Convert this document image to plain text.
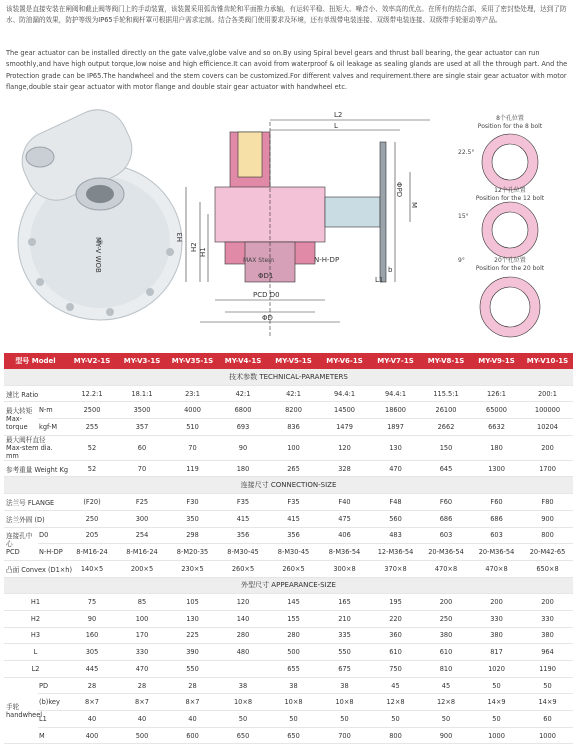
该装置是直接安装在闸阀和截止阀等阀门上的手动装置，该装置采用弧齿锥齿轮和平面推力承轴，有运转平稳、扭矩大、噪音小、效率高的优点。在所有的结合部，采用了密封垫处理，达到了防水、防油漏的效果，防护等级为IP65手轮和阀杆罩可根据用户需求定制。结合各类阀门使用要求及环境，还有单级带电装连接、双级带电装连接、双级带手轮驱动等产品。
The gear actuator can be installed directly on the gate valve,globe valve and so on.By using Spiral bevel gears and thrust ball bearing, the gear actuator can run smoothly,and have high output torque,low noise and high efficience.It can avoid from waterproof & oil leakage as sealing glands are used at all the through part. And the Protection grade can be IP65.The handwheel and the stem covers can be customized.For different valves and requirement.there are single stair gear actuator with motor flange,double stair gear actuator with motor flange and double stair gear actuator with handwheel etc.
MY-V WOB
L2
L
M
ΦPD
H3
H2
H1
MAX Stem
ΦD1
PCD D0
ΦD
N-H-DP
b
L1
8个孔位置
Position for the 8 bolt
22.5°
12个孔位置
Position for the 12 bolt
15°
20个孔位置
Position for the 20 bolt
9°
型号 Model		MY-V2-1S	MY-V3-1S	MY-V35-1S	MY-V4-1S	MY-V5-1S	MY-V6-1S	MY-V7-1S	MY-V8-1S	MY-V9-1S	MY-V10-1S
技术参数 TECHNICAL-PARAMETERS											
速比 Ratio		12.2:1	18.1:1	23:1	42:1	42:1	94.4:1	94.4:1	115.5:1	126:1	200:1

最大转矩
Max-torque	N-m	2500	3500	4000	6800	8200	14500	18600	26100	65000	100000
	kgf-M	255	357	510	693	836	1479	1897	2662	6632	10204

最大阀杆直径
Max-stem dia. mm		52	60	70	90	100	120	130	150	180	200
参考重量 Weight Kg		52	70	119	180	265	328	470	645	1300	1700
连接尺寸 CONNECTION-SIZE											
法兰号 FLANGE		(F20)	F25	F30	F35	F35	F40	F48	F60	F60	F80
法兰外圆 (D)		250	300	350	415	415	475	560	686	686	900

连接孔中心
PCD	D0	205	254	298	356	356	406	483	603	603	800
	N-H-DP	8-M16-24	8-M16-24	8-M20-35	8-M30-45	8-M30-45	8-M36-54	12-M36-54	20-M36-54	20-M36-54	20-M42-65
凸面 Convex (D1×h)		140×5	200×5	230×5	260×5	260×5	300×8	370×8	470×8	470×8	650×8
外型尺寸 APPEARANCE-SIZE											
H1		75	85	105	120	145	165	195	200	200	200
H2		90	100	130	140	155	210	220	250	330	330
H3		160	170	225	280	280	335	360	380	380	380
L		305	330	390	480	500	550	610	610	817	964
L2		445	470	550		655	675	750	810	1020	1190

手轮
handwheel	PD	28	28	28	38	38	38	45	45	50	50
	(b)key	8×7	8×7	8×7	10×8	10×8	10×8	12×8	12×8	14×9	14×9
	L1	40	40	40	50	50	50	50	50	50	60
	M	400	500	600	650	650	700	800	900	1000	1000
